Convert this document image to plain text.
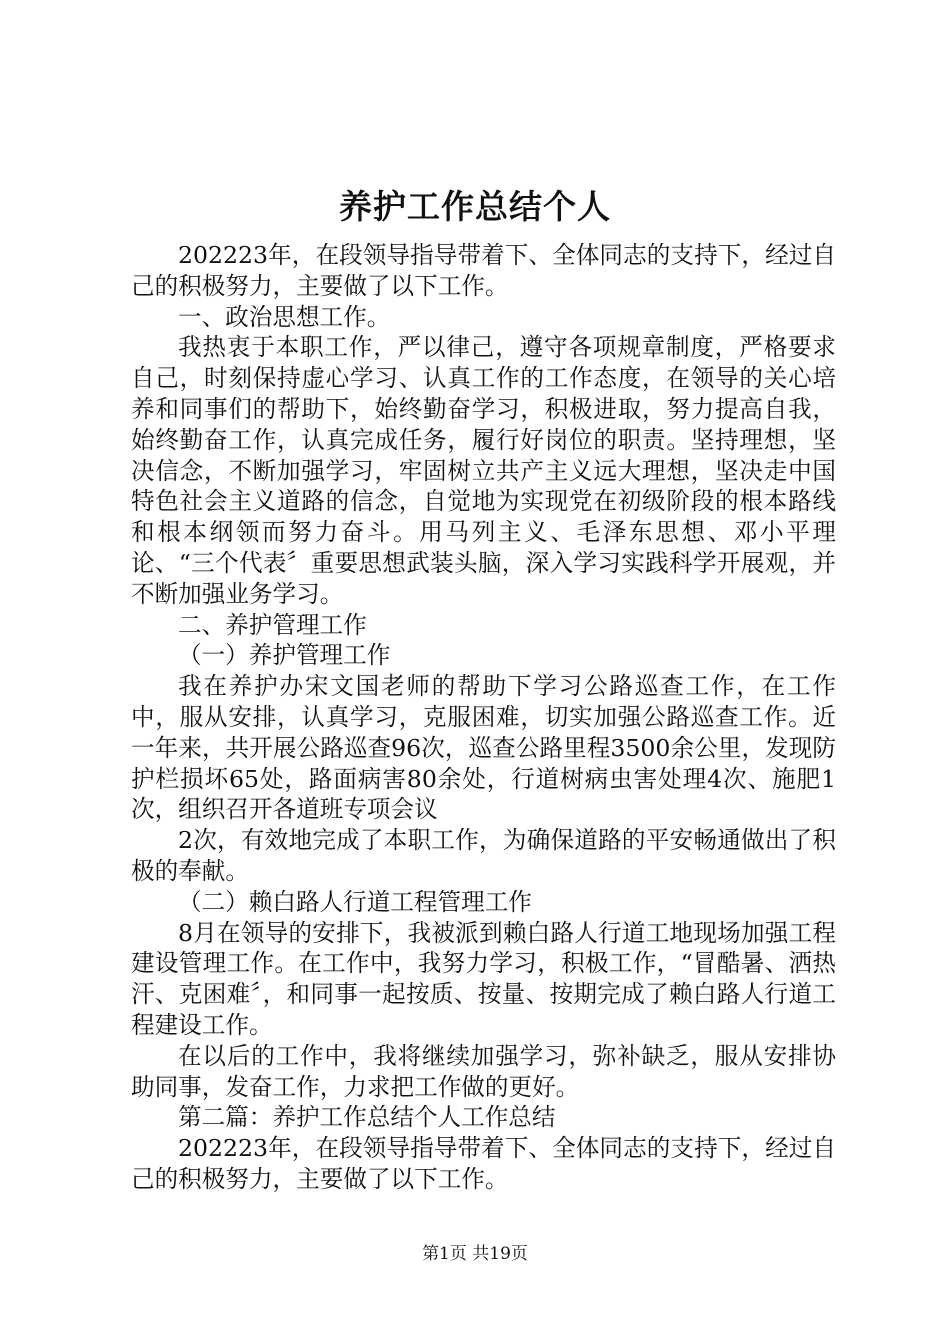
养护工作总结个人

202223年，在段领导指导带着下、全体同志的支持下，经过自己的积极努力，主要做了以下工作。

一、政治思想工作。

我热衷于本职工作，严以律己，遵守各项规章制度，严格要求自己，时刻保持虚心学习、认真工作的工作态度，在领导的关心培养和同事们的帮助下，始终勤奋学习，积极进取，努力提高自我，始终勤奋工作，认真完成任务，履行好岗位的职责。坚持理想，坚决信念，不断加强学习，牢固树立共产主义远大理想，坚决走中国特色社会主义道路的信念，自觉地为实现党在初级阶段的根本路线和根本纲领而努力奋斗。用马列主义、毛泽东思想、邓小平理论、“三个代表〞重要思想武装头脑，深入学习实践科学开展观，并不断加强业务学习。

二、养护管理工作

（一）养护管理工作

我在养护办宋文国老师的帮助下学习公路巡查工作，在工作中，服从安排，认真学习，克服困难，切实加强公路巡查工作。近一年来，共开展公路巡查96次，巡查公路里程3500余公里，发现防护栏损坏65处，路面病害80余处，行道树病虫害处理4次、施肥1次，组织召开各道班专项会议

2次，有效地完成了本职工作，为确保道路的平安畅通做出了积极的奉献。

（二）赖白路人行道工程管理工作

8月在领导的安排下，我被派到赖白路人行道工地现场加强工程建设管理工作。在工作中，我努力学习，积极工作，“冒酷暑、洒热汗、克困难〞，和同事一起按质、按量、按期完成了赖白路人行道工程建设工作。

在以后的工作中，我将继续加强学习，弥补缺乏，服从安排协助同事，发奋工作，力求把工作做的更好。

第二篇：养护工作总结个人工作总结

202223年，在段领导指导带着下、全体同志的支持下，经过自己的积极努力，主要做了以下工作。

第1页 共19页
